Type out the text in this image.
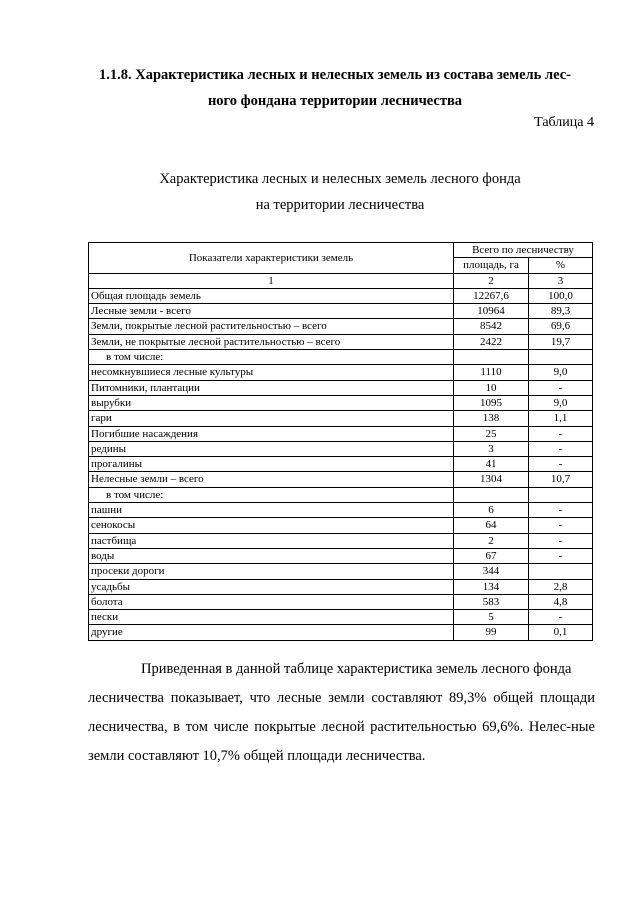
1.1.8. Характеристика лесных и нелесных земель из состава земель лес-
ного фондана территории лесничества
Таблица 4
Характеристика лесных и нелесных земель лесного фонда
на территории лесничества
Показатели характеристики земель	Всего по лесничеству	
	площадь, га	%
1	2	3
Общая площадь земель	12267,6	100,0
Лесные земли - всего	10964	89,3
Земли, покрытые лесной растительностью – всего	8542	69,6
Земли, не покрытые лесной растительностью – всего	2422	19,7
в том числе:		
несомкнувшиеся лесные культуры	1110	9,0
Питомники, плантации	10	-
вырубки	1095	9,0
гари	138	1,1
Погибшие насаждения	25	-
редины	3	-
прогалины	41	-
Нелесные земли – всего	1304	10,7
в том числе:		
пашни	6	-
сенокосы	64	-
пастбища	2	-
воды	67	-
просеки дороги	344	
усадьбы	134	2,8
болота	583	4,8
пески	5	-
другие	99	0,1
Приведенная в данной таблице характеристика земель лесного фонда
лесничества показывает, что лесные земли составляют 89,3% общей площади лесничества, в том числе покрытые лесной растительностью 69,6%. Нелес-ные земли составляют 10,7% общей площади лесничества.
